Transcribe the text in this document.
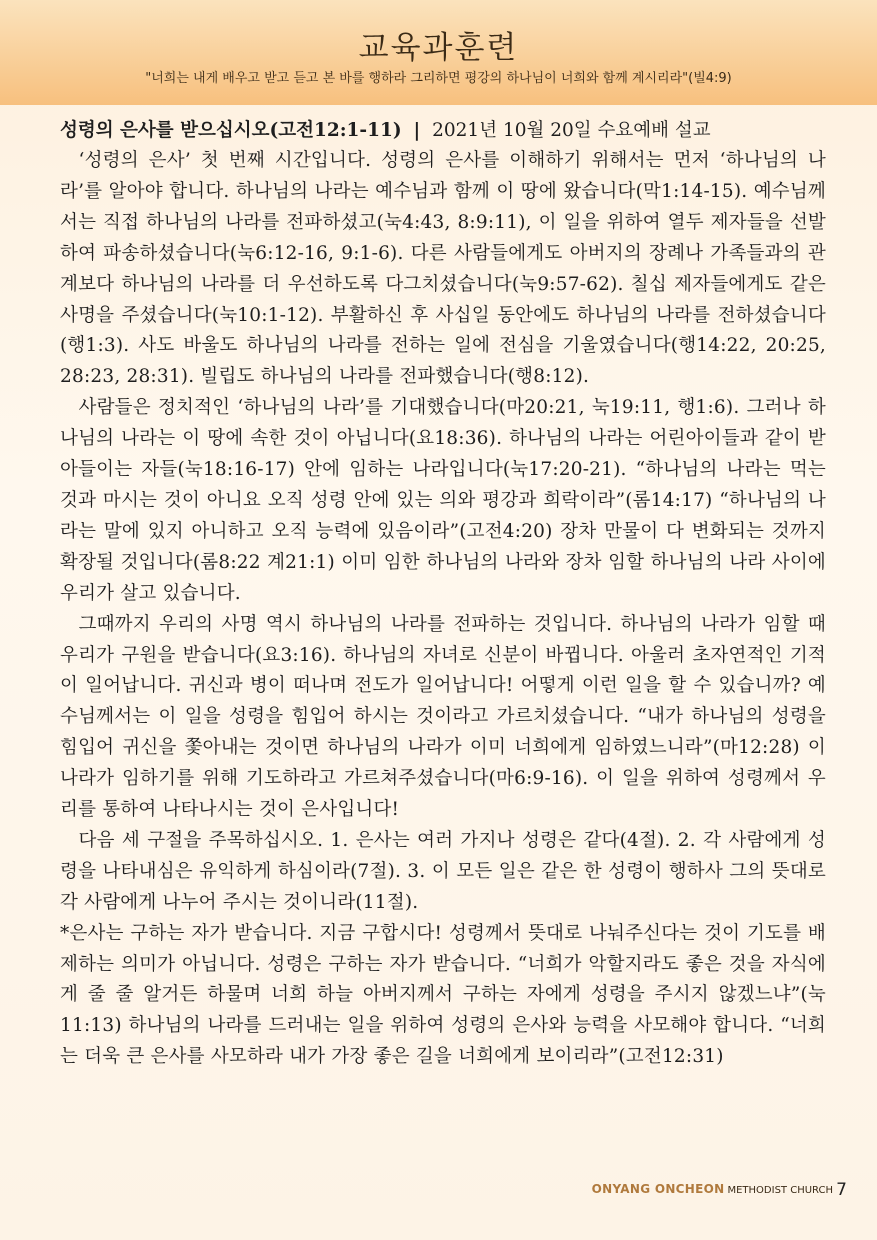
교육과훈련
"너희는 내게 배우고 받고 듣고 본 바를 행하라 그리하면 평강의 하나님이 너희와 함께 계시리라"(빌4:9)
성령의 은사를 받으십시오(고전12:1-11) | 2021년 10월 20일 수요예배 설교

‘성령의 은사’ 첫 번째 시간입니다. 성령의 은사를 이해하기 위해서는 먼저 ‘하나님의 나라’를 알아야 합니다. 하나님의 나라는 예수님과 함께 이 땅에 왔습니다(막1:14-15). 예수님께서는 직접 하나님의 나라를 전파하셨고(눅4:43, 8:9:11), 이 일을 위하여 열두 제자들을 선발하여 파송하셨습니다(눅6:12-16, 9:1-6). 다른 사람들에게도 아버지의 장례나 가족들과의 관계보다 하나님의 나라를 더 우선하도록 다그치셨습니다(눅9:57-62). 칠십 제자들에게도 같은 사명을 주셨습니다(눅10:1-12). 부활하신 후 사십일 동안에도 하나님의 나라를 전하셨습니다(행1:3). 사도 바울도 하나님의 나라를 전하는 일에 전심을 기울였습니다(행14:22, 20:25, 28:23, 28:31). 빌립도 하나님의 나라를 전파했습니다(행8:12).

사람들은 정치적인 ‘하나님의 나라’를 기대했습니다(마20:21, 눅19:11, 행1:6). 그러나 하나님의 나라는 이 땅에 속한 것이 아닙니다(요18:36). 하나님의 나라는 어린아이들과 같이 받아들이는 자들(눅18:16-17) 안에 임하는 나라입니다(눅17:20-21). “하나님의 나라는 먹는 것과 마시는 것이 아니요 오직 성령 안에 있는 의와 평강과 희락이라”(롬14:17) “하나님의 나라는 말에 있지 아니하고 오직 능력에 있음이라”(고전4:20) 장차 만물이 다 변화되는 것까지 확장될 것입니다(롬8:22 계21:1) 이미 임한 하나님의 나라와 장차 임할 하나님의 나라 사이에 우리가 살고 있습니다.

그때까지 우리의 사명 역시 하나님의 나라를 전파하는 것입니다. 하나님의 나라가 임할 때 우리가 구원을 받습니다(요3:16). 하나님의 자녀로 신분이 바뀝니다. 아울러 초자연적인 기적이 일어납니다. 귀신과 병이 떠나며 전도가 일어납니다! 어떻게 이런 일을 할 수 있습니까? 예수님께서는 이 일을 성령을 힘입어 하시는 것이라고 가르치셨습니다. “내가 하나님의 성령을 힘입어 귀신을 쫓아내는 것이면 하나님의 나라가 이미 너희에게 임하였느니라”(마12:28) 이 나라가 임하기를 위해 기도하라고 가르쳐주셨습니다(마6:9-16). 이 일을 위하여 성령께서 우리를 통하여 나타나시는 것이 은사입니다!

다음 세 구절을 주목하십시오. 1. 은사는 여러 가지나 성령은 같다(4절). 2. 각 사람에게 성령을 나타내심은 유익하게 하심이라(7절). 3. 이 모든 일은 같은 한 성령이 행하사 그의 뜻대로 각 사람에게 나누어 주시는 것이니라(11절).

*은사는 구하는 자가 받습니다. 지금 구합시다! 성령께서 뜻대로 나눠주신다는 것이 기도를 배제하는 의미가 아닙니다. 성령은 구하는 자가 받습니다. “너희가 악할지라도 좋은 것을 자식에게 줄 줄 알거든 하물며 너희 하늘 아버지께서 구하는 자에게 성령을 주시지 않겠느냐”(눅11:13) 하나님의 나라를 드러내는 일을 위하여 성령의 은사와 능력을 사모해야 합니다. “너희는 더욱 큰 은사를 사모하라 내가 가장 좋은 길을 너희에게 보이리라”(고전12:31)

ONYANG ONCHEON METHODIST CHURCH 7
